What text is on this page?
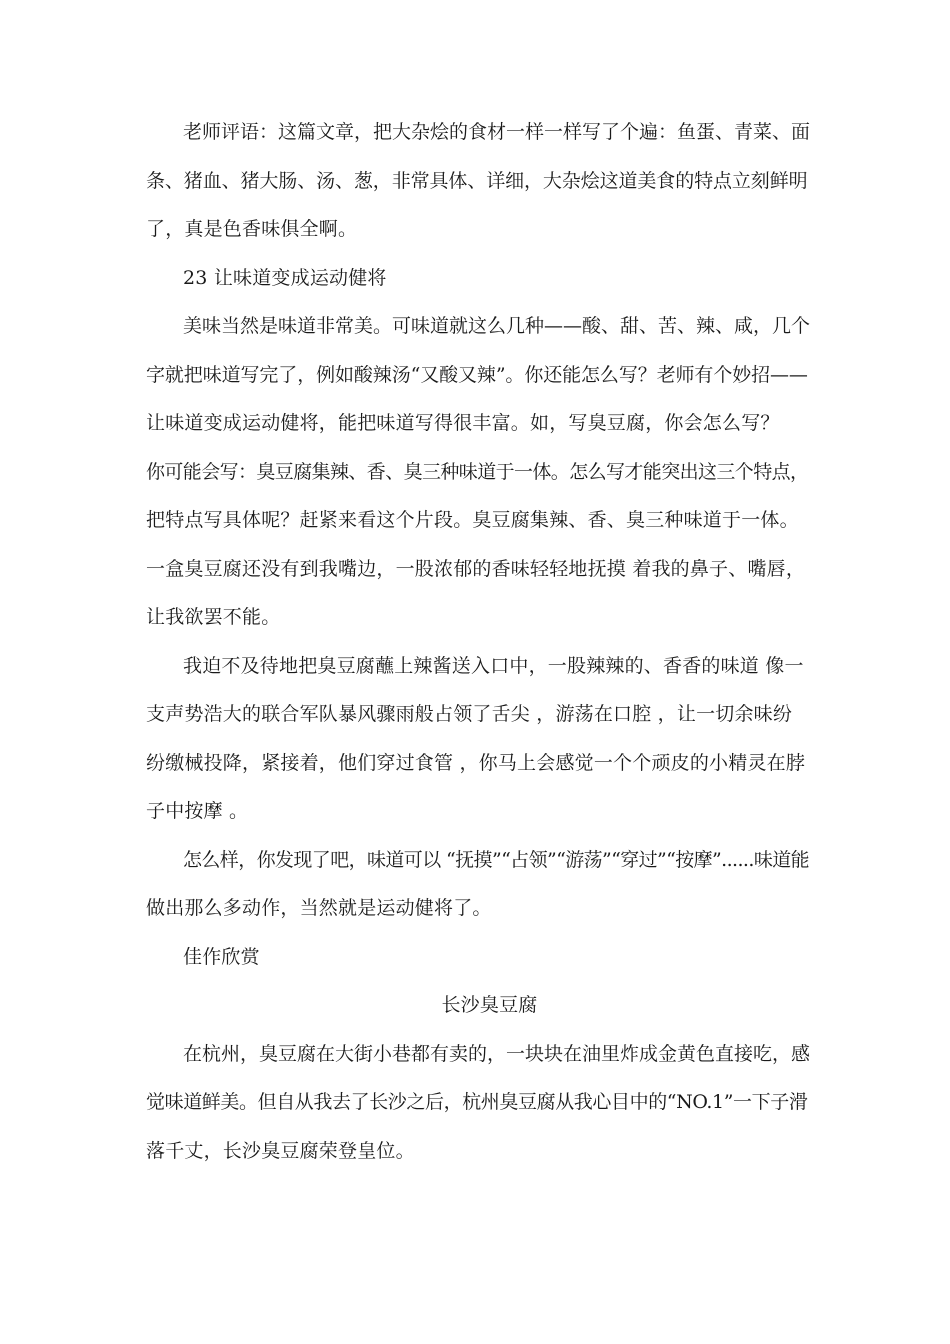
老师评语：这篇文章，把大杂烩的食材一样一样写了个遍：鱼蛋、青菜、面
条、猪血、猪大肠、汤、葱，非常具体、详细，大杂烩这道美食的特点立刻鲜明
了，真是色香味俱全啊。
23 让味道变成运动健将
美味当然是味道非常美。可味道就这么几种——酸、甜、苦、辣、咸，几个
字就把味道写完了，例如酸辣汤“又酸又辣”。你还能怎么写？老师有个妙招——
让味道变成运动健将，能把味道写得很丰富。如，写臭豆腐，你会怎么写？
你可能会写：臭豆腐集辣、香、臭三种味道于一体。怎么写才能突出这三个特点，
把特点写具体呢？赶紧来看这个片段。臭豆腐集辣、香、臭三种味道于一体。
一盒臭豆腐还没有到我嘴边，一股浓郁的香味轻轻地抚摸 着我的鼻子、嘴唇，
让我欲罢不能。
我迫不及待地把臭豆腐蘸上辣酱送入口中，一股辣辣的、香香的味道 像一
支声势浩大的联合军队暴风骤雨般占领了舌尖 ，游荡在口腔 ，让一切余味纷
纷缴械投降，紧接着，他们穿过食管 ，你马上会感觉一个个顽皮的小精灵在脖
子中按摩 。
怎么样，你发现了吧，味道可以 “抚摸”“占领”“游荡”“穿过”“按摩”......味道能
做出那么多动作，当然就是运动健将了。
佳作欣赏
长沙臭豆腐
在杭州，臭豆腐在大街小巷都有卖的，一块块在油里炸成金黄色直接吃，感
觉味道鲜美。但自从我去了长沙之后，杭州臭豆腐从我心目中的“NO.1”一下子滑
落千丈，长沙臭豆腐荣登皇位。
